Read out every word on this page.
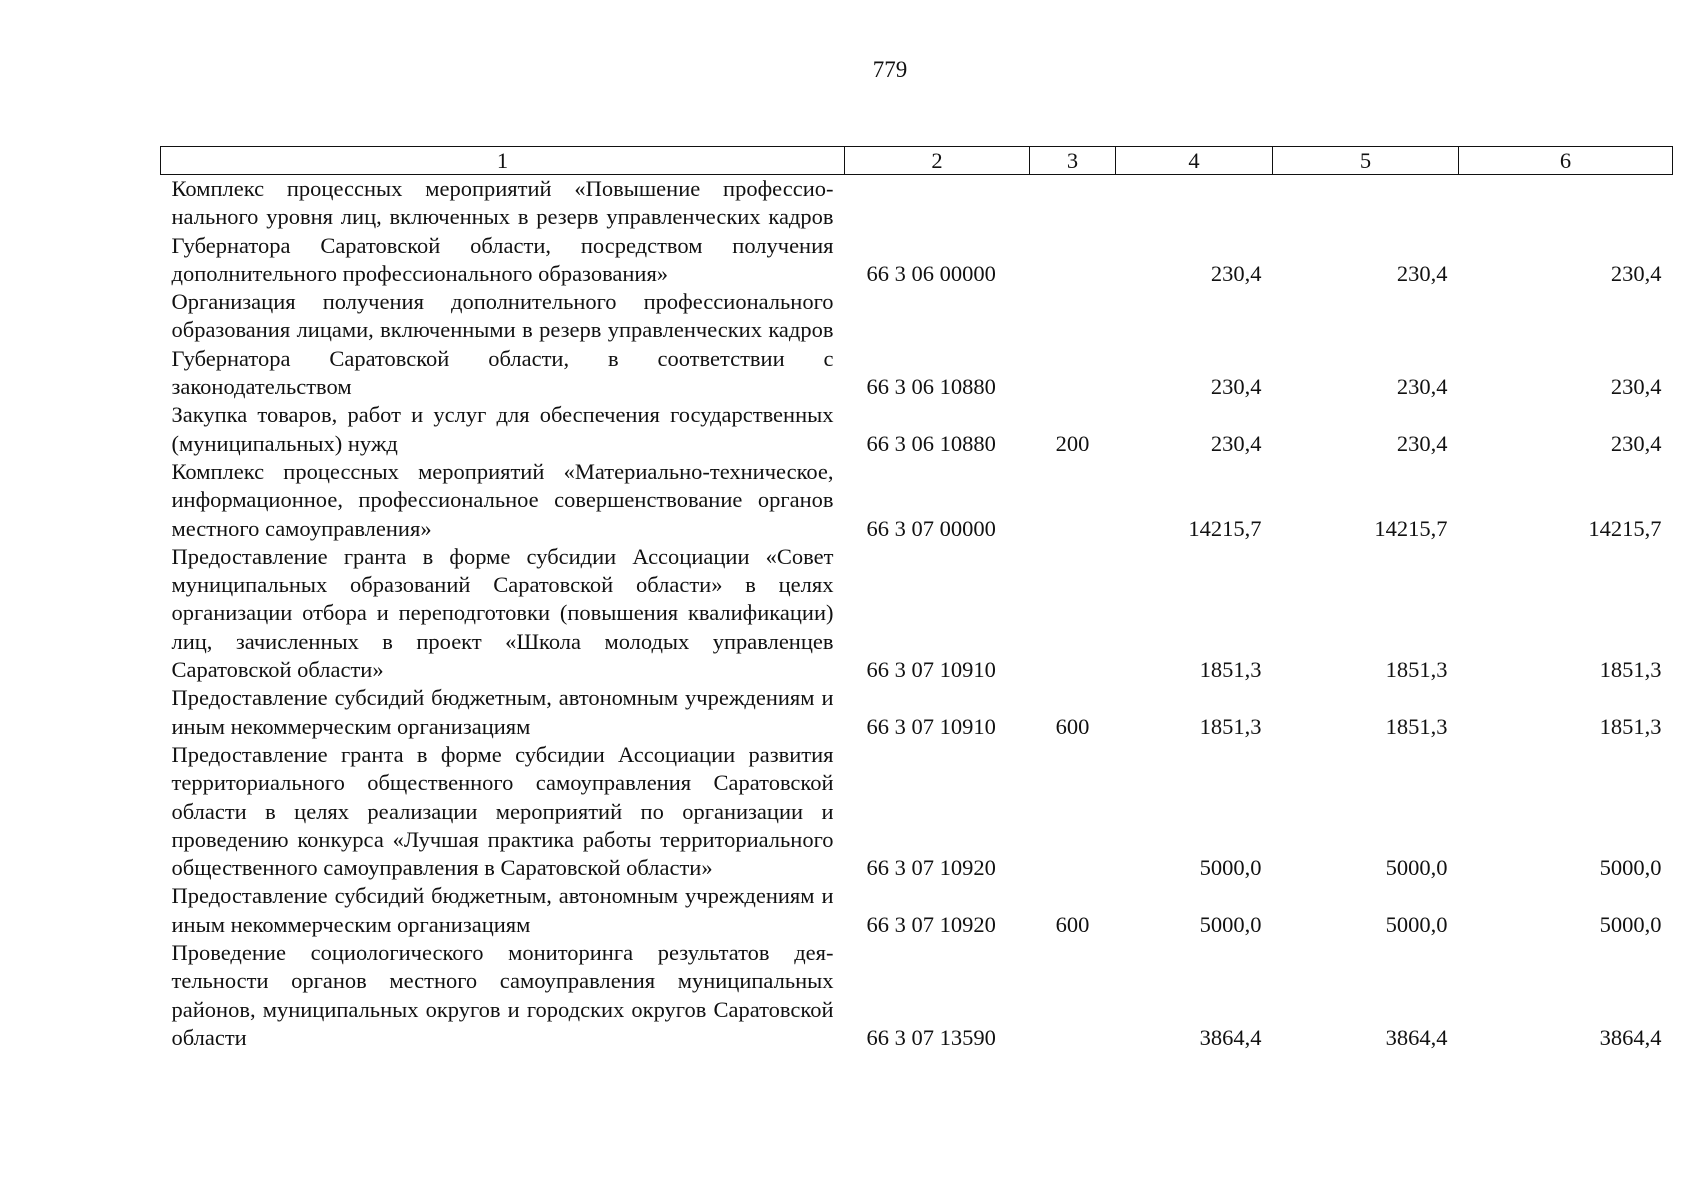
779
1	2	3	4	5	6
Комплекс процессных мероприятий «Повышение профессионального уровня лиц, включенных в резерв управленческих кадров Губернатора Саратовской области, посредством получения дополнительного профессионального образования»	66 3 06 00000		230,4	230,4	230,4
Организация получения дополнительного профессионального образования лицами, включенными в резерв управленческих кадров Губернатора Саратовской области, в соответствии с законодательством	66 3 06 10880		230,4	230,4	230,4
Закупка товаров, работ и услуг для обеспечения государственных (муниципальных) нужд	66 3 06 10880	200	230,4	230,4	230,4
Комплекс процессных мероприятий «Материально-техническое, информационное, профессиональное совершенствование органов местного самоуправления»	66 3 07 00000		14215,7	14215,7	14215,7
Предоставление гранта в форме субсидии Ассоциации «Совет муниципальных образований Саратовской области» в целях организации отбора и переподготовки (повышения квалификации) лиц, зачисленных в проект «Школа молодых управленцев Саратовской области»	66 3 07 10910		1851,3	1851,3	1851,3
Предоставление субсидий бюджетным, автономным учреждениям и иным некоммерческим организациям	66 3 07 10910	600	1851,3	1851,3	1851,3
Предоставление гранта в форме субсидии Ассоциации развития территориального общественного самоуправления Саратовской области в целях реализации мероприятий по организации и проведению конкурса «Лучшая практика работы территориального общественного самоуправления в Саратовской области»	66 3 07 10920		5000,0	5000,0	5000,0
Предоставление субсидий бюджетным, автономным учреждениям и иным некоммерческим организациям	66 3 07 10920	600	5000,0	5000,0	5000,0
Проведение социологического мониторинга результатов деятельности органов местного самоуправления муниципальных районов, муниципальных округов и городских округов Саратовской области	66 3 07 13590		3864,4	3864,4	3864,4
